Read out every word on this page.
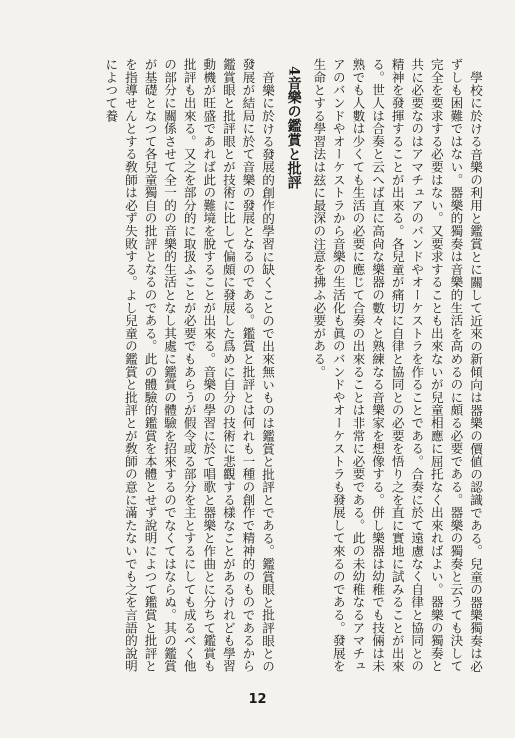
學校に於ける音樂の利用と鑑賞とに關して近來の新傾向は器樂の價値の認識である。兒童の器樂獨奏は必ずしも困難ではない。器樂的獨奏は音樂的生活を高めるのに頗る必要である。器樂の獨奏と云うても決して完全を要求する必要はない。又要求することも出來ないが兒童相應に屈托なく出來ればよい。器樂の獨奏と共に必要なのはアマチュアのバンドやオーケストラを作ることである。合奏に於て遠慮なく自律と協同との精神を發揮することが出來る。各兒童が痛切に自律と協同との必要を悟り之を直に實地に試みることが出來る。世人は合奏と云へば直に高尙な樂器の數々と熟練なる音樂家を想像する。併し樂器は幼稚でも技倆は未熟でも人數は少くても生活の必要に應じて合奏の出來ることは非常に必要である。此の未幼稚なるアマチュアのバンドやオーケストラから音樂の生活化も眞のバンドやオーケストラも發展して來るのである。發展を生命とする學習法は玆に最深の注意を拂ふ必要がある。

4音樂の鑑賞と批評

音樂に於ける發展的創作的學習に缺くことので出來無いものは鑑賞と批評とである。鑑賞眼と批評眼との發展が結局に於て音樂の發展となるのである。鑑賞と批評とは何れも一種の創作で精神的のものであるから鑑賞眼と批評眼とが技術に比して偏頗に發展した爲めに自分の技術に悲觀する樣なことがあるけれども學習動機が旺盛であれば此の難境を脫することが出來る。音樂の學習に於て唱歌と器樂と作曲とに分ちて鑑賞も批評も出來る。又之を部分的に取扱ふことが必要でもあらうが假令或る部分を主とするにしても成るべく他の部分に關係させて全一的の音樂的生活となし其處に鑑賞の體驗を招來するのでなくてはならぬ。其の鑑賞が基礎となつて各兒童獨自の批評となるのである。此の體驗的鑑賞を本體とせず說明によつて鑑賞と批評とを指導せんとする敎師は必ず失敗する。よし兒童の鑑賞と批評とが敎師の意に滿たないでも之を言語的說明によつて養

12
